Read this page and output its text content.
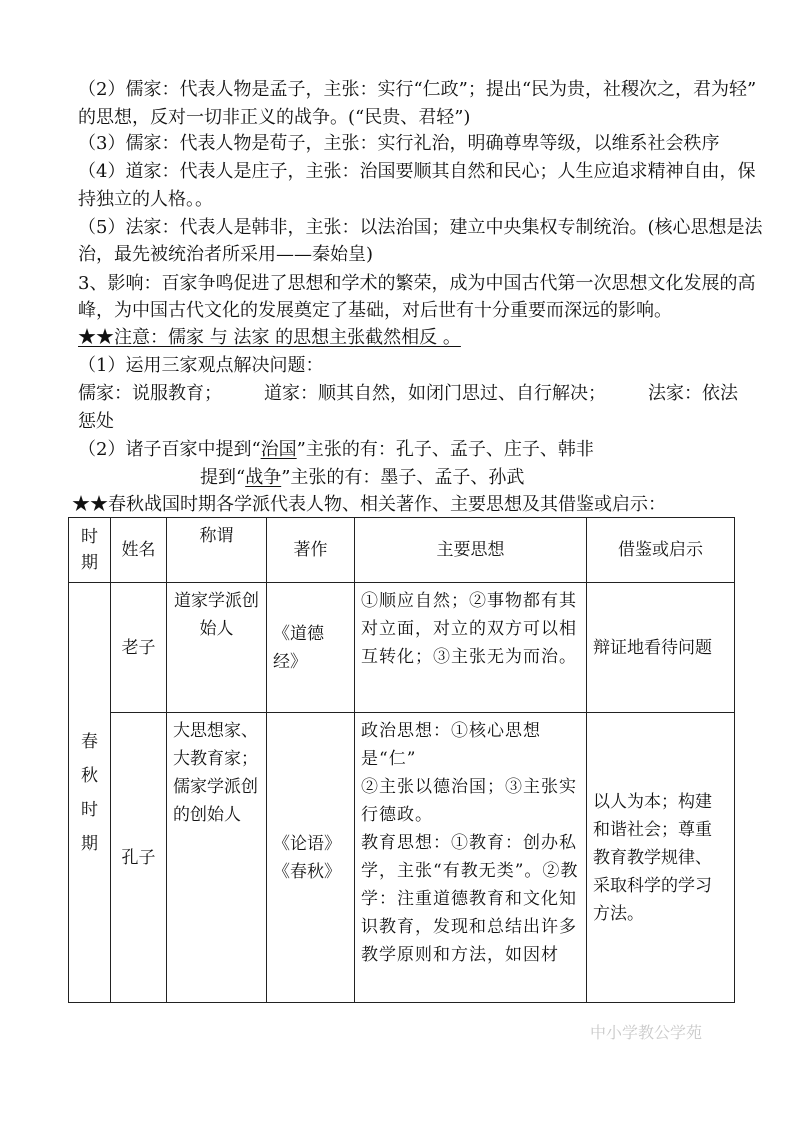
（2）儒家：代表人物是孟子，主张：实行“仁政”；提出“民为贵，社稷次之，君为轻”
的思想，反对一切非正义的战争。(“民贵、君轻”)
（3）儒家：代表人物是荀子，主张：实行礼治，明确尊卑等级，以维系社会秩序
（4）道家：代表人是庄子，主张：治国要顺其自然和民心；人生应追求精神自由，保
持独立的人格。。
（5）法家：代表人是韩非，主张：以法治国；建立中央集权专制统治。(核心思想是法
治，最先被统治者所采用——秦始皇)
3、影响：百家争鸣促进了思想和学术的繁荣，成为中国古代第一次思想文化发展的高
峰，为中国古代文化的发展奠定了基础，对后世有十分重要而深远的影响。
★★注意：儒家 与 法家 的思想主张截然相反 。
（1）运用三家观点解决问题：
儒家：说服教育； 道家：顺其自然，如闭门思过、自行解决； 法家：依法
惩处
（2）诸子百家中提到“治国”主张的有：孔子、孟子、庄子、韩非
提到“战争”主张的有：墨子、孟子、孙武
★★春秋战国时期各学派代表人物、相关著作、主要思想及其借鉴或启示：
时期	姓名	称谓	著作	主要思想	借鉴或启示
春秋时期	老子	道家学派创始人	《道德经》	①顺应自然；②事物都有其对立面，对立的双方可以相互转化；③主张无为而治。	辩证地看待问题
	孔子	大思想家、大教育家；儒家学派创的创始人	《论语》《春秋》	政治思想：①核心思想是“仁”
②主张以德治国；③主张实行德政。
教育思想：①教育：创办私学，主张“有教无类”。②教学：注重道德教育和文化知识教育，发现和总结出许多教学原则和方法，如因材	以人为本；构建和谐社会；尊重教育教学规律、采取科学的学习方法。
中小学教公学苑
